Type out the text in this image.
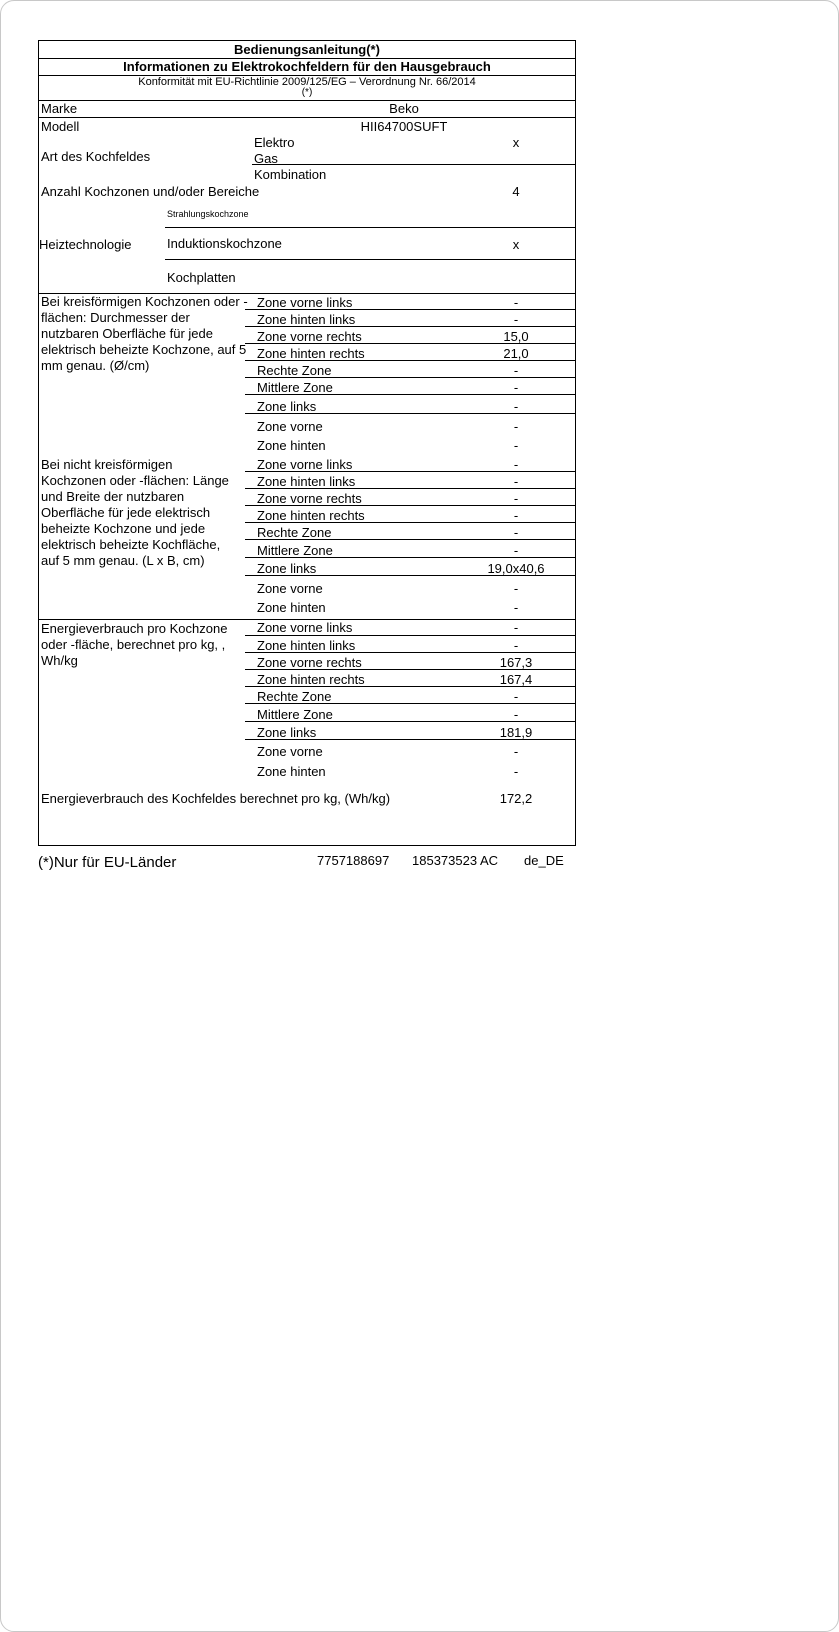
Bedienungsanleitung(*)
Informationen zu Elektrokochfeldern für den Hausgebrauch
Konformität mit EU-Richtlinie 2009/125/EG – Verordnung Nr. 66/2014
(*)
Marke	Beko
Modell	HII64700SUFT
Art des Kochfeldes
Elektro	x
Gas
Kombination
Anzahl Kochzonen und/oder Bereiche	4
Strahlungskochzone
Heiztechnologie	Induktionskochzone	x
Kochplatten
Bei kreisförmigen Kochzonen oder -flächen: Durchmesser der nutzbaren Oberfläche für jede elektrisch beheizte Kochzone, auf 5 mm genau. (Ø/cm)
Zone vorne links	-
Zone hinten links	-
Zone vorne rechts	15,0
Zone hinten rechts	21,0
Rechte Zone	-
Mittlere Zone	-
Zone links	-
Zone vorne	-
Zone hinten	-
Bei nicht kreisförmigen Kochzonen oder -flächen: Länge und Breite der nutzbaren Oberfläche für jede elektrisch beheizte Kochzone und jede elektrisch beheizte Kochfläche, auf 5 mm genau. (L x B, cm)
Zone vorne links	-
Zone hinten links	-
Zone vorne rechts	-
Zone hinten rechts	-
Rechte Zone	-
Mittlere Zone	-
Zone links	19,0x40,6
Zone vorne	-
Zone hinten	-
Energieverbrauch pro Kochzone oder -fläche, berechnet pro kg, , Wh/kg
Zone vorne links	-
Zone hinten links	-
Zone vorne rechts	167,3
Zone hinten rechts	167,4
Rechte Zone	-
Mittlere Zone	-
Zone links	181,9
Zone vorne	-
Zone hinten	-
Energieverbrauch des Kochfeldes berechnet pro kg, (Wh/kg)	172,2
(*)Nur für EU-Länder	7757188697 185373523 AC de_DE
